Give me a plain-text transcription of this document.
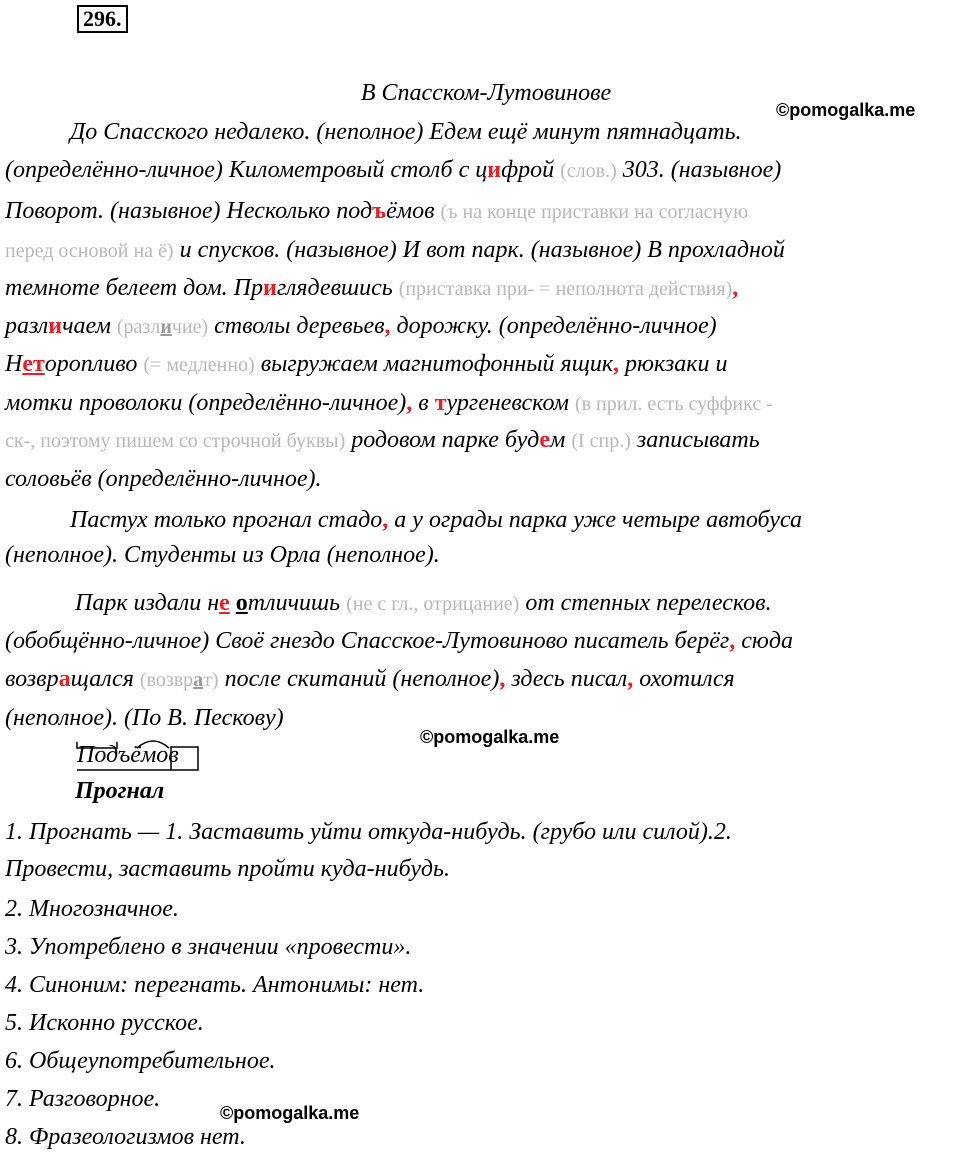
296.
©pomogalka.me
©pomogalka.me
©pomogalka.me
В Спасском-Лутовинове
До Спасского недалеко. (неполное) Едем ещё минут пятнадцать.
(определённо-личное) Километровый столб с цифрой (слов.) 303. (назывное)
Поворот. (назывное) Несколько подъёмов (ъ на конце приставки на согласную
перед основой на ё) и спусков. (назывное) И вот парк. (назывное) В прохладной
темноте белеет дом. Приглядевшись (приставка при- = неполнота действия),
различаем (различие) стволы деревьев, дорожку. (определённо-личное)
Неторопливо (= медленно) выгружаем магнитофонный ящик, рюкзаки и
мотки проволоки (определённо-личное), в тургеневском (в прил. есть суффикс -
ск-, поэтому пишем со строчной буквы) родовом парке будем (I спр.) записывать
соловьёв (определённо-личное).
Пастух только прогнал стадо, а у ограды парка уже четыре автобуса
(неполное). Студенты из Орла (неполное).
Парк издали не отличишь (не с гл., отрицание) от степных перелесков.
(обобщённо-личное) Своё гнездо Спасское-Лутовиново писатель берёг, сюда
возвращался (возврат) после скитаний (неполное), здесь писал, охотился
(неполное). (По В. Пескову)
Подъёмов
Прогнал
1. Прогнать — 1. Заставить уйти откуда-нибудь. (грубо или силой).2.
Провести, заставить пройти куда-нибудь.
2. Многозначное.
3. Употреблено в значении «провести».
4. Синоним: перегнать. Антонимы: нет.
5. Исконно русское.
6. Общеупотребительное.
7. Разговорное.
8. Фразеологизмов нет.
